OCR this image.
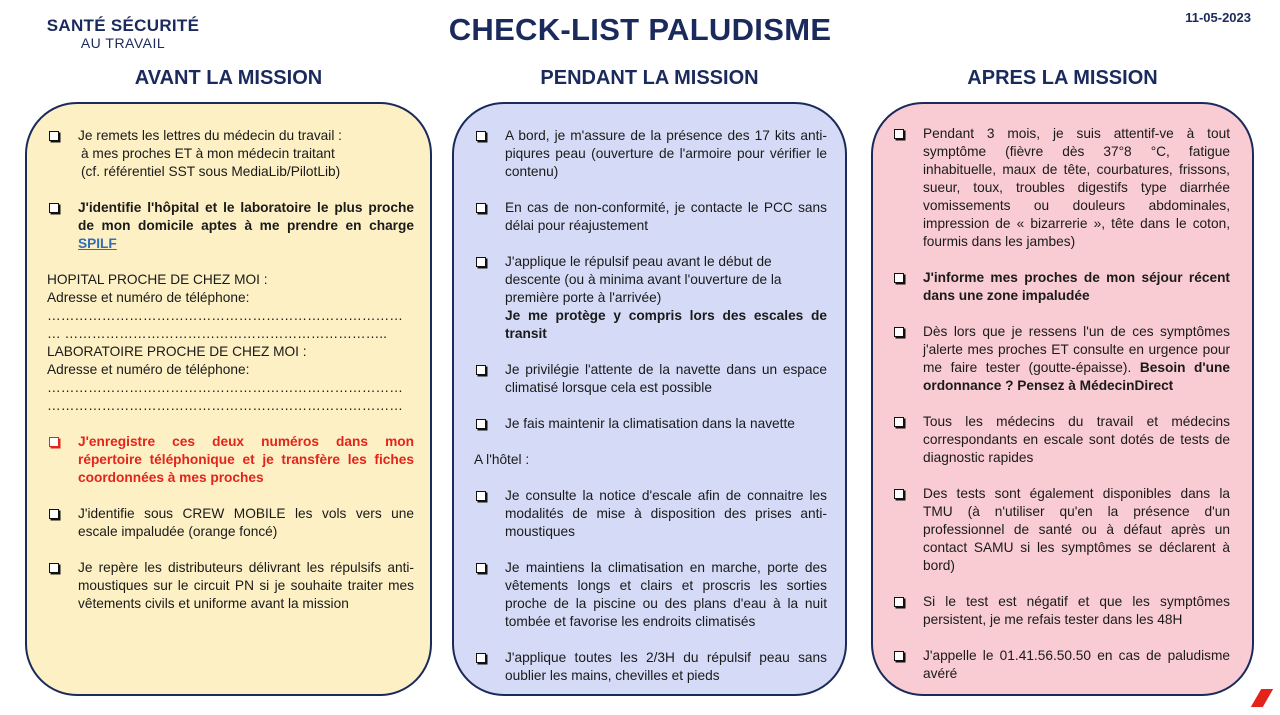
SANTÉ SÉCURITÉ
AU TRAVAIL	CHECK-LIST PALUDISME	11-05-2023
AVANT LA MISSION	PENDANT LA MISSION	APRES LA MISSION
Je remets les lettres du médecin du travail :
à mes proches ET à mon médecin traitant
(cf. référentiel SST sous MediaLib/PilotLib)
J'identifie l'hôpital et le laboratoire le plus proche de mon domicile aptes à me prendre en charge SPILF
HOPITAL PROCHE DE CHEZ MOI :
Adresse et numéro de téléphone:
……………………………………………………………………
… ……………………………………………………………..
LABORATOIRE PROCHE DE CHEZ MOI :
Adresse et numéro de téléphone:
……………………………………………………………………
……………………………………………………………………
J'enregistre ces deux numéros dans mon répertoire téléphonique et je transfère les fiches coordonnées à mes proches
J'identifie sous CREW MOBILE les vols vers une escale impaludée (orange foncé)
Je repère les distributeurs délivrant les répulsifs anti-moustiques sur le circuit PN si je souhaite traiter mes vêtements civils et uniforme avant la mission
A bord, je m'assure de la présence des 17 kits anti-piqures peau (ouverture de l'armoire pour vérifier le contenu)
En cas de non-conformité, je contacte le PCC sans délai pour réajustement
J'applique le répulsif peau avant le début de descente (ou à minima avant l'ouverture de la première porte à l'arrivée)
Je me protège y compris lors des escales de transit
Je privilégie l'attente de la navette dans un espace climatisé lorsque cela est possible
Je fais maintenir la climatisation dans la navette
A l'hôtel :
Je consulte la notice d'escale afin de connaitre les modalités de mise à disposition des prises anti-moustiques
Je maintiens la climatisation en marche, porte des vêtements longs et clairs et proscris les sorties proche de la piscine ou des plans d'eau à la nuit tombée et favorise les endroits climatisés
J'applique toutes les 2/3H du répulsif peau sans oublier les mains, chevilles et pieds
Pendant 3 mois, je suis attentif-ve à tout symptôme (fièvre dès 37°8 °C, fatigue inhabituelle, maux de tête, courbatures, frissons, sueur, toux, troubles digestifs type diarrhée vomissements ou douleurs abdominales, impression de « bizarrerie », tête dans le coton, fourmis dans les jambes)
J'informe mes proches de mon séjour récent dans une zone impaludée
Dès lors que je ressens l'un de ces symptômes j'alerte mes proches ET consulte en urgence pour me faire tester (goutte-épaisse). Besoin d'une ordonnance ? Pensez à MédecinDirect
Tous les médecins du travail et médecins correspondants en escale sont dotés de tests de diagnostic rapides
Des tests sont également disponibles dans la TMU (à n'utiliser qu'en la présence d'un professionnel de santé ou à défaut après un contact SAMU si les symptômes se déclarent à bord)
Si le test est négatif et que les symptômes persistent, je me refais tester dans les 48H
J'appelle le 01.41.56.50.50 en cas de paludisme avéré
